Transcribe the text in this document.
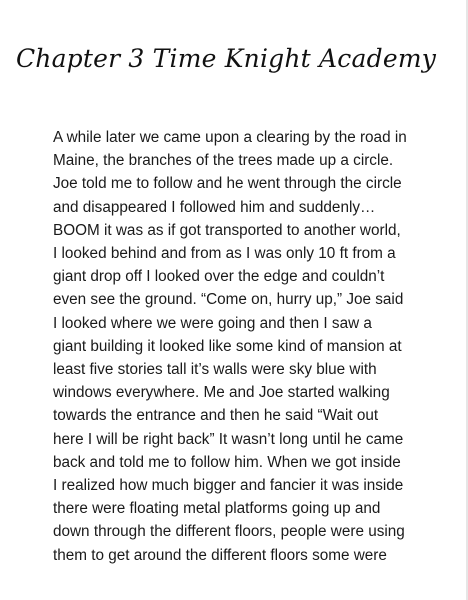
Chapter 3 Time Knight Academy
A while later we came upon a clearing by the road in
Maine, the branches of the trees made up a circle.
Joe told me to follow and he went through the circle
and disappeared I followed him and suddenly…
BOOM it was as if got transported to another world,
I looked behind and from as I was only 10 ft from a
giant drop off I looked over the edge and couldn’t
even see the ground. “Come on, hurry up,” Joe said
I looked where we were going and then I saw a
giant building it looked like some kind of mansion at
least five stories tall it’s walls were sky blue with
windows everywhere. Me and Joe started walking
towards the entrance and then he said “Wait out
here I will be right back” It wasn’t long until he came
back and told me to follow him. When we got inside
I realized how much bigger and fancier it was inside
there were floating metal platforms going up and
down through the different floors, people were using
them to get around the different floors some were
